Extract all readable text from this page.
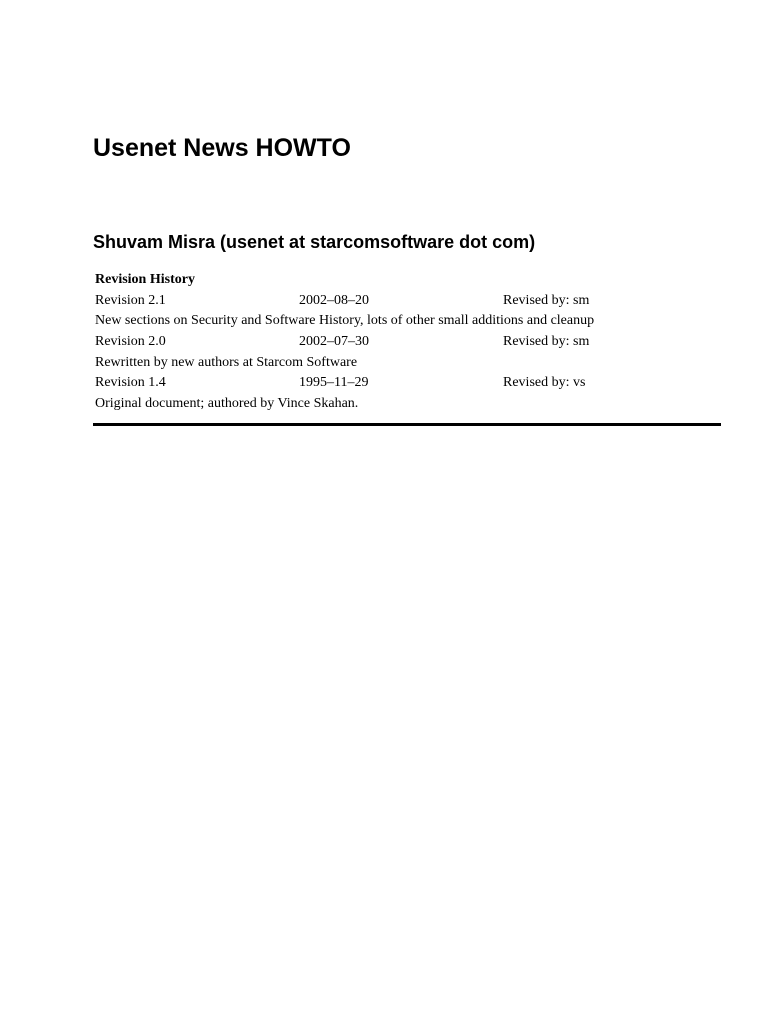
Usenet News HOWTO
Shuvam Misra (usenet at starcomsoftware dot com)
Revision History
Revision 2.1	2002–08–20	Revised by: sm
New sections on Security and Software History, lots of other small additions and cleanup
Revision 2.0	2002–07–30	Revised by: sm
Rewritten by new authors at Starcom Software
Revision 1.4	1995–11–29	Revised by: vs
Original document; authored by Vince Skahan.
